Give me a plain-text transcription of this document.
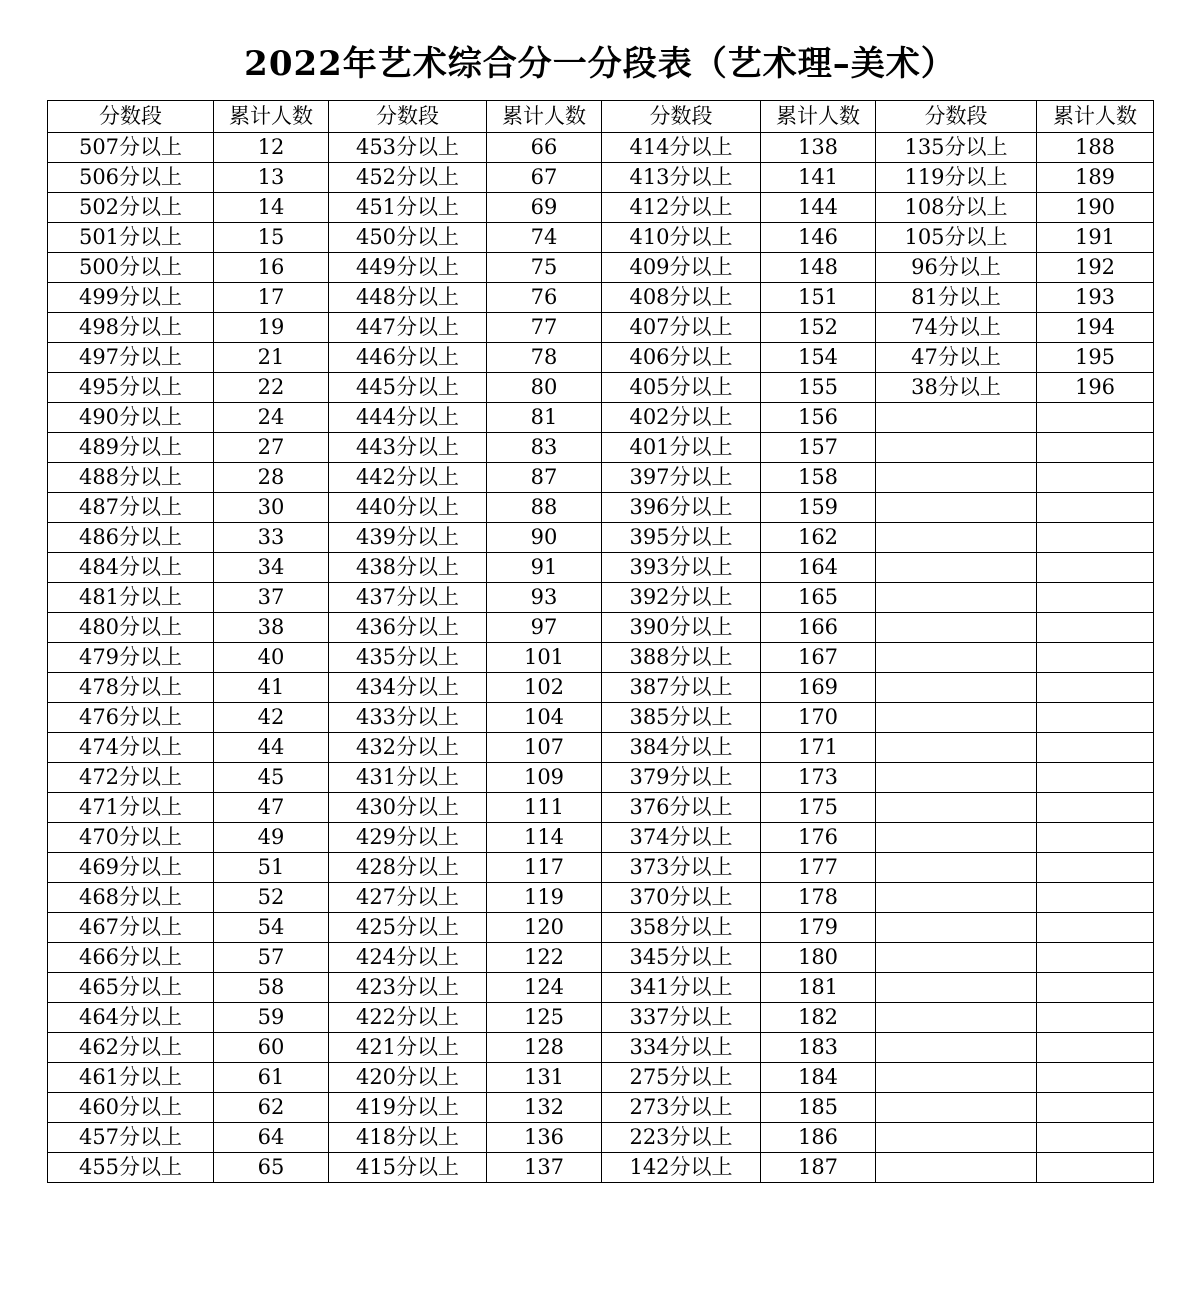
2022年艺术综合分一分段表（艺术理–美术）
分数段	累计人数	分数段	累计人数	分数段	累计人数	分数段	累计人数
507分以上	12	453分以上	66	414分以上	138	135分以上	188
506分以上	13	452分以上	67	413分以上	141	119分以上	189
502分以上	14	451分以上	69	412分以上	144	108分以上	190
501分以上	15	450分以上	74	410分以上	146	105分以上	191
500分以上	16	449分以上	75	409分以上	148	96分以上	192
499分以上	17	448分以上	76	408分以上	151	81分以上	193
498分以上	19	447分以上	77	407分以上	152	74分以上	194
497分以上	21	446分以上	78	406分以上	154	47分以上	195
495分以上	22	445分以上	80	405分以上	155	38分以上	196
490分以上	24	444分以上	81	402分以上	156		
489分以上	27	443分以上	83	401分以上	157		
488分以上	28	442分以上	87	397分以上	158		
487分以上	30	440分以上	88	396分以上	159		
486分以上	33	439分以上	90	395分以上	162		
484分以上	34	438分以上	91	393分以上	164		
481分以上	37	437分以上	93	392分以上	165		
480分以上	38	436分以上	97	390分以上	166		
479分以上	40	435分以上	101	388分以上	167		
478分以上	41	434分以上	102	387分以上	169		
476分以上	42	433分以上	104	385分以上	170		
474分以上	44	432分以上	107	384分以上	171		
472分以上	45	431分以上	109	379分以上	173		
471分以上	47	430分以上	111	376分以上	175		
470分以上	49	429分以上	114	374分以上	176		
469分以上	51	428分以上	117	373分以上	177		
468分以上	52	427分以上	119	370分以上	178		
467分以上	54	425分以上	120	358分以上	179		
466分以上	57	424分以上	122	345分以上	180		
465分以上	58	423分以上	124	341分以上	181		
464分以上	59	422分以上	125	337分以上	182		
462分以上	60	421分以上	128	334分以上	183		
461分以上	61	420分以上	131	275分以上	184		
460分以上	62	419分以上	132	273分以上	185		
457分以上	64	418分以上	136	223分以上	186		
455分以上	65	415分以上	137	142分以上	187		
